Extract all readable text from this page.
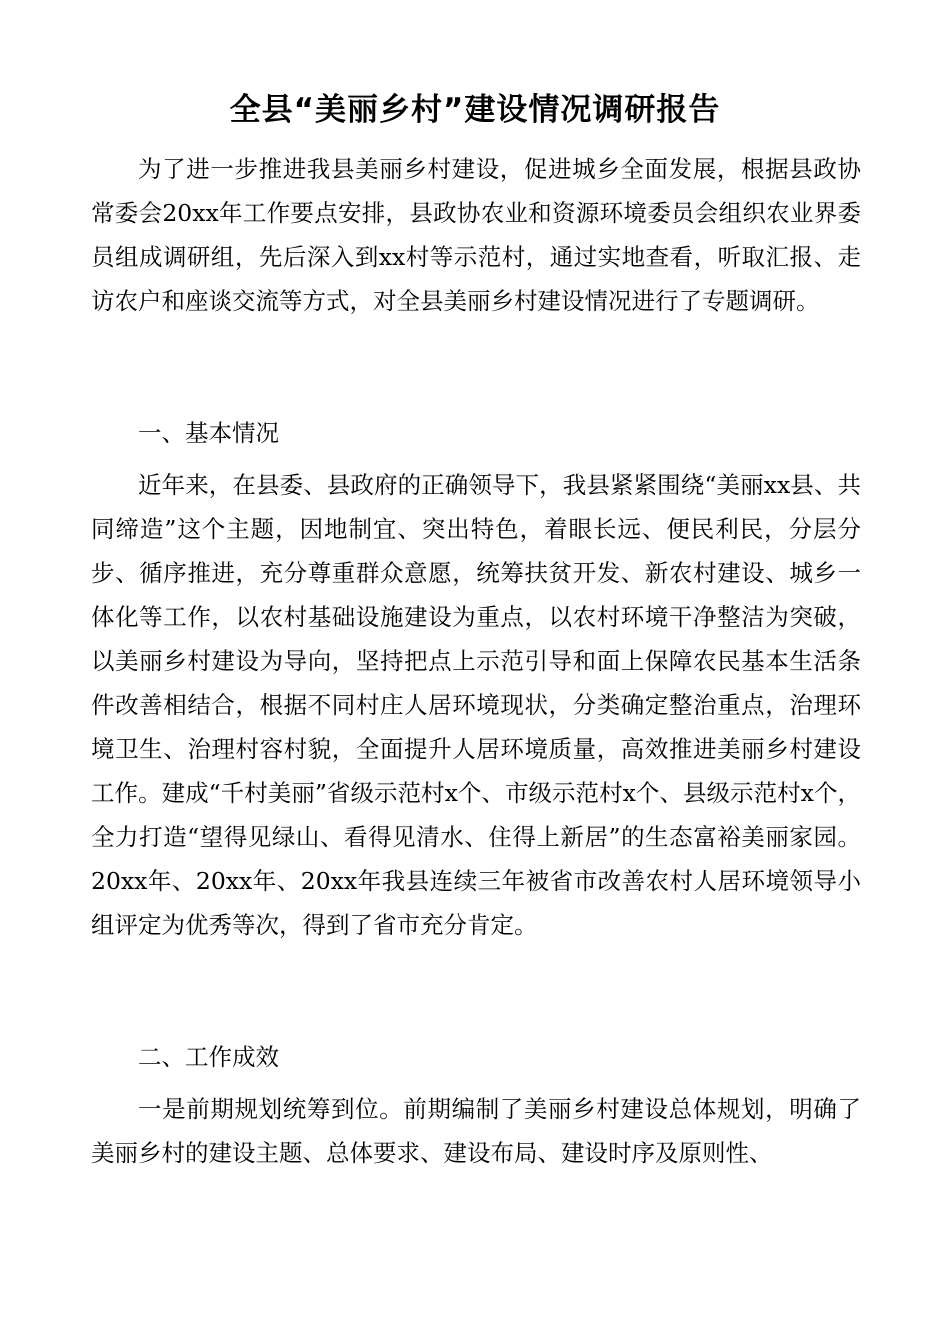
全县“美丽乡村”建设情况调研报告

为了进一步推进我县美丽乡村建设，促进城乡全面发展，根据县政协常委会20xx年工作要点安排，县政协农业和资源环境委员会组织农业界委员组成调研组，先后深入到xx村等示范村，通过实地查看，听取汇报、走访农户和座谈交流等方式，对全县美丽乡村建设情况进行了专题调研。

一、基本情况

近年来，在县委、县政府的正确领导下，我县紧紧围绕“美丽xx县、共同缔造”这个主题，因地制宜、突出特色，着眼长远、便民利民，分层分步、循序推进，充分尊重群众意愿，统筹扶贫开发、新农村建设、城乡一体化等工作，以农村基础设施建设为重点，以农村环境干净整洁为突破，以美丽乡村建设为导向，坚持把点上示范引导和面上保障农民基本生活条件改善相结合，根据不同村庄人居环境现状，分类确定整治重点，治理环境卫生、治理村容村貌，全面提升人居环境质量，高效推进美丽乡村建设工作。建成“千村美丽”省级示范村x个、市级示范村x个、县级示范村x个，全力打造“望得见绿山、看得见清水、住得上新居”的生态富裕美丽家园。20xx年、20xx年、20xx年我县连续三年被省市改善农村人居环境领导小组评定为优秀等次，得到了省市充分肯定。

二、工作成效

一是前期规划统筹到位。前期编制了美丽乡村建设总体规划，明确了美丽乡村的建设主题、总体要求、建设布局、建设时序及原则性、
